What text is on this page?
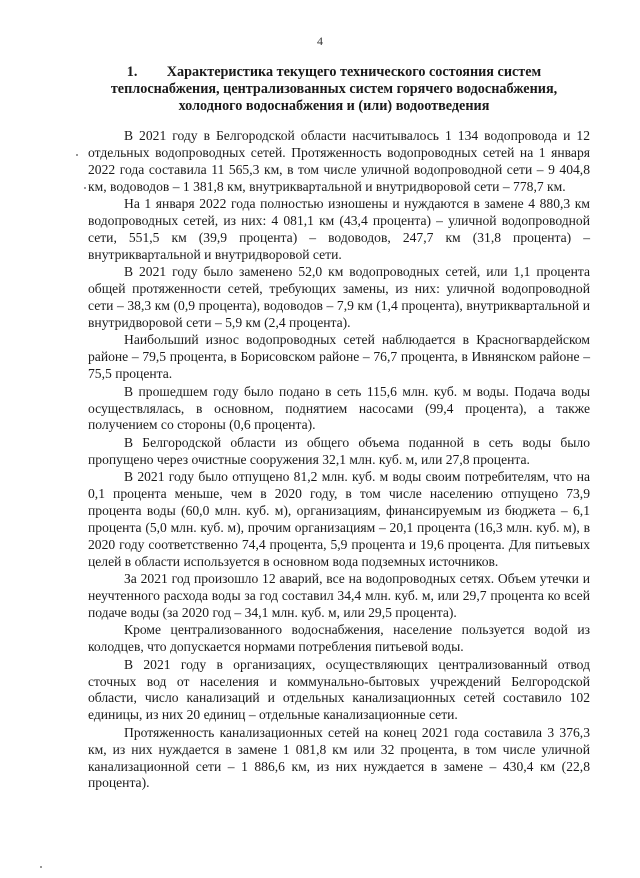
4
1. Характеристика текущего технического состояния систем теплоснабжения, централизованных систем горячего водоснабжения, холодного водоснабжения и (или) водоотведения

В 2021 году в Белгородской области насчитывалось 1 134 водопровода и 12 отдельных водопроводных сетей. Протяженность водопроводных сетей на 1 января 2022 года составила 11 565,3 км, в том числе уличной водопроводной сети – 9 404,8 км, водоводов – 1 381,8 км, внутриквартальной и внутридворовой сети – 778,7 км.

На 1 января 2022 года полностью изношены и нуждаются в замене 4 880,3 км водопроводных сетей, из них: 4 081,1 км (43,4 процента) – уличной водопроводной сети, 551,5 км (39,9 процента) – водоводов, 247,7 км (31,8 процента) – внутриквартальной и внутридворовой сети.

В 2021 году было заменено 52,0 км водопроводных сетей, или 1,1 процента общей протяженности сетей, требующих замены, из них: уличной водопроводной сети – 38,3 км (0,9 процента), водоводов – 7,9 км (1,4 процента), внутриквартальной и внутридворовой сети – 5,9 км (2,4 процента).

Наибольший износ водопроводных сетей наблюдается в Красногвардейском районе – 79,5 процента, в Борисовском районе – 76,7 процента, в Ивнянском районе – 75,5 процента.

В прошедшем году было подано в сеть 115,6 млн. куб. м воды. Подача воды осуществлялась, в основном, поднятием насосами (99,4 процента), а также получением со стороны (0,6 процента).

В Белгородской области из общего объема поданной в сеть воды было пропущено через очистные сооружения 32,1 млн. куб. м, или 27,8 процента.

В 2021 году было отпущено 81,2 млн. куб. м воды своим потребителям, что на 0,1 процента меньше, чем в 2020 году, в том числе населению отпущено 73,9 процента воды (60,0 млн. куб. м), организациям, финансируемым из бюджета – 6,1 процента (5,0 млн. куб. м), прочим организациям – 20,1 процента (16,3 млн. куб. м), в 2020 году соответственно 74,4 процента, 5,9 процента и 19,6 процента. Для питьевых целей в области используется в основном вода подземных источников.

За 2021 год произошло 12 аварий, все на водопроводных сетях. Объем утечки и неучтенного расхода воды за год составил 34,4 млн. куб. м, или 29,7 процента ко всей подаче воды (за 2020 год – 34,1 млн. куб. м, или 29,5 процента).

Кроме централизованного водоснабжения, население пользуется водой из колодцев, что допускается нормами потребления питьевой воды.

В 2021 году в организациях, осуществляющих централизованный отвод сточных вод от населения и коммунально-бытовых учреждений Белгородской области, число канализаций и отдельных канализационных сетей составило 102 единицы, из них 20 единиц – отдельные канализационные сети.

Протяженность канализационных сетей на конец 2021 года составила 3 376,3 км, из них нуждается в замене 1 081,8 км или 32 процента, в том числе уличной канализационной сети – 1 886,6 км, из них нуждается в замене – 430,4 км (22,8 процента).
